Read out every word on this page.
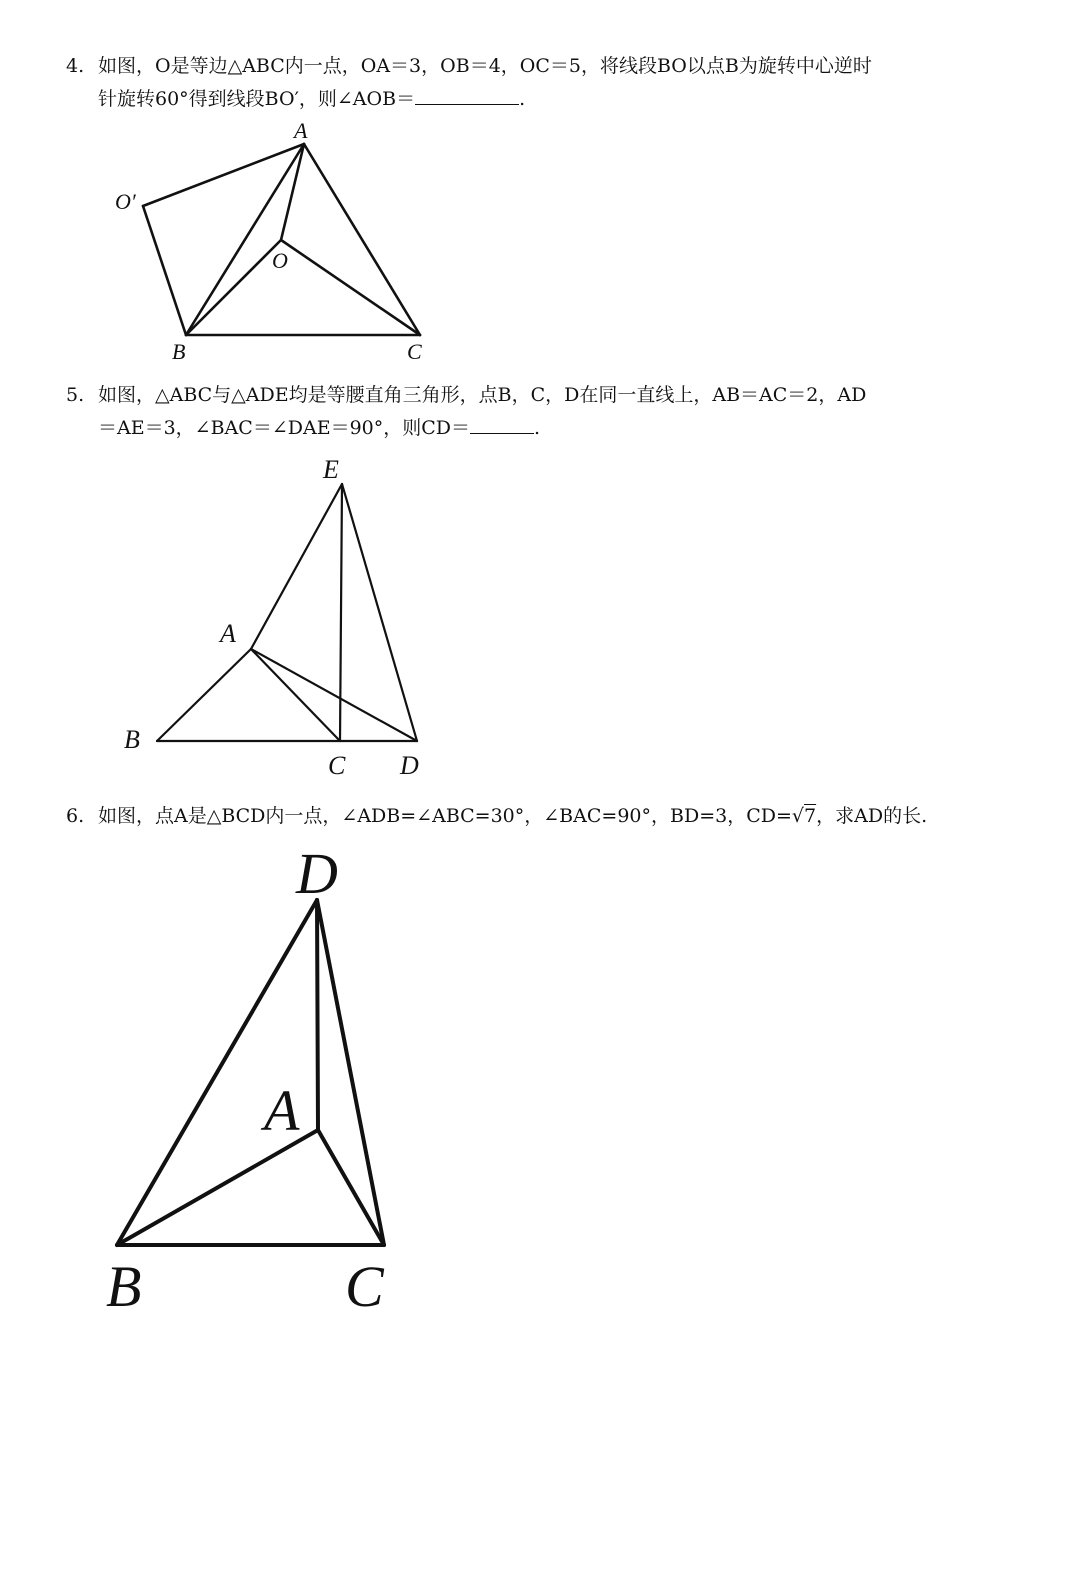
4. 如图，O是等边△ABC内一点，OA＝3，OB＝4，OC＝5，将线段BO以点B为旋转中心逆时
针旋转60°得到线段BO′，则∠AOB＝	.
A
O′
O
B	C
5. 如图，△ABC与△ADE均是等腰直角三角形，点B，C，D在同一直线上，AB＝AC＝2，AD
＝AE＝3，∠BAC＝∠DAE＝90°，则CD＝	.
E
A
B
C D
6. 如图，点A是△BCD内一点，∠ADB=∠ABC=30°，∠BAC=90°，BD=3，CD=√7，求AD的长.
D
A
B	C
